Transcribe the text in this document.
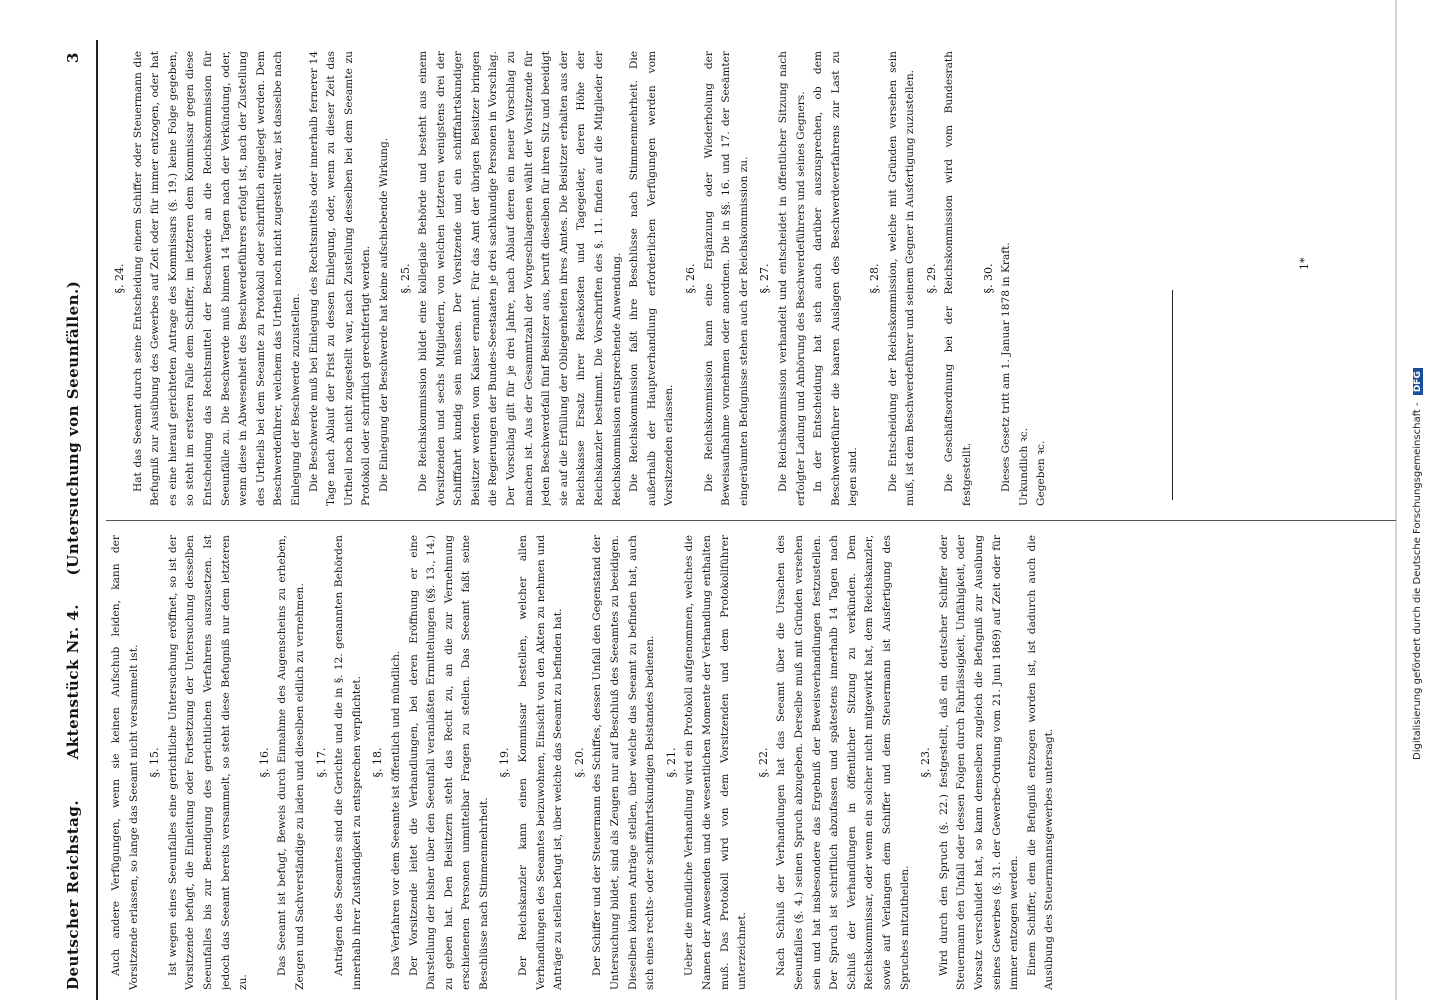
Deutscher Reichstag.
Aktenstück Nr. 4.     (Untersuchung von Seeunfällen.)
3

Auch andere Verfügungen, wenn sie keinen Aufschub leiden, kann der Vorsitzende erlassen, so lange das Seeamt nicht versammelt ist. §. 15. Ist wegen eines Seeunfalles eine gerichtliche Untersuchung eröffnet, so ist der Vorsitzende befugt, die Einleitung oder Fortsetzung der Untersuchung desselben Seeunfalles bis zur Beendigung des gerichtlichen Verfahrens auszusetzen. Ist jedoch das Seeamt bereits versammelt, so steht diese Befugniß nur dem letzteren zu.

§. 16. Das Seeamt ist befugt, Beweis durch Einnahme des Augenscheins zu erheben, Zeugen und Sachverständige zu laden und dieselben eidlich zu vernehmen. §. 17. Anträgen des Seeamtes sind die Gerichte und die in §. 12. genannten Behörden innerhalb ihrer Zuständigkeit zu entsprechen verpflichtet. §. 18. Das Verfahren vor dem Seeamte ist öffentlich und mündlich. Der Vorsitzende leitet die Verhandlungen, bei deren Eröffnung er eine Darstellung der bisher über den Seeunfall veranlaßten Ermittelungen (§§. 13., 14.) zu geben hat. Den Beisitzern steht das Recht zu, an die zur Vernehmung erschienenen Personen unmittelbar Fragen zu stellen. Das Seeamt faßt seine Beschlüsse nach Stimmenmehrheit.

§. 19. Der Reichskanzler kann einen Kommissar bestellen, welcher allen Verhandlungen des Seeamtes beizuwohnen, Einsicht von den Akten zu nehmen und Anträge zu stellen befugt ist, über welche das Seeamt zu befinden hat. §. 20. Der Schiffer und der Steuermann des Schiffes, dessen Unfall den Gegenstand der Untersuchung bildet, sind als Zeugen nur auf Beschluß des Seeamtes zu beeidigen. Dieselben können Anträge stellen, über welche das Seeamt zu befinden hat, auch sich eines rechts- oder schifffahrtskundigen Beistandes bedienen. §. 21. Ueber die mündliche Verhandlung wird ein Protokoll aufgenommen, welches die Namen der Anwesenden und die wesentlichen Momente der Verhandlung enthalten muß. Das Protokoll wird von dem Vorsitzenden und dem Protokollführer unterzeichnet.

§. 22. Nach Schluß der Verhandlungen hat das Seeamt über die Ursachen des Seeunfalles (§. 4.) seinen Spruch abzugeben. Derselbe muß mit Gründen versehen sein und hat insbesondere das Ergebniß der Beweisverhandlungen festzustellen. Der Spruch ist schriftlich abzufassen und spätestens innerhalb 14 Tagen nach Schluß der Verhandlungen in öffentlicher Sitzung zu verkünden. Dem Reichskommissar, oder wenn ein solcher nicht mitgewirkt hat, dem Reichskanzler, sowie auf Verlangen dem Schiffer und dem Steuermann ist Ausfertigung des Spruches mitzutheilen.

§. 23. Wird durch den Spruch (§. 22.) festgestellt, daß ein deutscher Schiffer oder Steuermann den Unfall oder dessen Folgen durch Fahrlässigkeit, Unfähigkeit, oder Vorsatz verschuldet hat, so kann demselben zugleich die Befugniß zur Ausübung seines Gewerbes (§. 31. der Gewerbe-Ordnung vom 21. Juni 1869) auf Zeit oder für immer entzogen werden. Einem Schiffer, dem die Befugniß entzogen worden ist, ist dadurch auch die Ausübung des Steuermannsgewerbes untersagt.

§. 24. Hat das Seeamt durch seine Entscheidung einem Schiffer oder Steuermann die Befugniß zur Ausübung des Gewerbes auf Zeit oder für immer entzogen, oder hat es eine hierauf gerichteten Antrage des Kommissars (§. 19.) keine Folge gegeben, so steht im ersteren Falle dem Schiffer, im letzteren dem Kommissar gegen diese Entscheidung das Rechtsmittel der Beschwerde an die Reichskommission für Seeunfälle zu. Die Beschwerde muß binnen 14 Tagen nach der Verkündung, oder, wenn diese in Abwesenheit des Beschwerdeführers erfolgt ist, nach der Zustellung des Urtheils bei dem Seeamte zu Protokoll oder schriftlich eingelegt werden. Dem Beschwerdeführer, welchem das Urtheil noch nicht zugestellt war, ist dasselbe nach Einlegung der Beschwerde zuzustellen. Die Beschwerde muß bei Einlegung des Rechtsmittels oder innerhalb fernerer 14 Tage nach Ablauf der Frist zu dessen Einlegung, oder, wenn zu dieser Zeit das Urtheil noch nicht zugestellt war, nach Zustellung desselben bei dem Seeamte zu Protokoll oder schriftlich gerechtfertigt werden. Die Einlegung der Beschwerde hat keine aufschiebende Wirkung. §. 25. Die Reichskommission bildet eine kollegiale Behörde und besteht aus einem Vorsitzenden und sechs Mitgliedern, von welchen letzteren wenigstens drei der Schifffahrt kundig sein müssen. Der Vorsitzende und ein schifffahrtskundiger Beisitzer werden vom Kaiser ernannt. Für das Amt der übrigen Beisitzer bringen die Regierungen der Bundes-Seestaaten je drei sachkundige Personen in Vorschlag. Der Vorschlag gilt für je drei Jahre, nach Ablauf deren ein neuer Vorschlag zu machen ist. Aus der Gesammtzahl der Vorgeschlagenen wählt der Vorsitzende für jeden Beschwerdefall fünf Beisitzer aus, beruft dieselben für ihren Sitz und beeidigt sie auf die Erfüllung der Obliegenheiten ihres Amtes. Die Beisitzer erhalten aus der Reichskasse Ersatz ihrer Reisekosten und Tagegelder, deren Höhe der Reichskanzler bestimmt. Die Vorschriften des §. 11. finden auf die Mitglieder der Reichskommission entsprechende Anwendung. Die Reichskommission faßt ihre Beschlüsse nach Stimmenmehrheit. Die außerhalb der Hauptverhandlung erforderlichen Verfügungen werden vom Vorsitzenden erlassen.

§. 26. Die Reichskommission kann eine Ergänzung oder Wiederholung der Beweisaufnahme vornehmen oder anordnen. Die in §§. 16. und 17. der Seeämter eingeräumten Befugnisse stehen auch der Reichskommission zu. §. 27. Die Reichskommission verhandelt und entscheidet in öffentlicher Sitzung nach erfolgter Ladung und Anhörung des Beschwerdeführers und seines Gegners. In der Entscheidung hat sich auch darüber auszusprechen, ob dem Beschwerdeführer die baaren Auslagen des Beschwerdeverfahrens zur Last zu legen sind.

§. 28. Die Entscheidung der Reichskommission, welche mit Gründen versehen sein muß, ist dem Beschwerdeführer und seinem Gegner in Ausfertigung zuzustellen. §. 29. Die Geschäftsordnung bei der Reichskommission wird vom Bundesrath festgestellt.

§. 30. Dieses Gesetz tritt am 1. Januar 1878 in Kraft. Urkundlich ꝛc. Gegeben ꝛc.

1*
Digitalisierung gefördert durch die Deutsche Forschungsgemeinschaft - DFG
